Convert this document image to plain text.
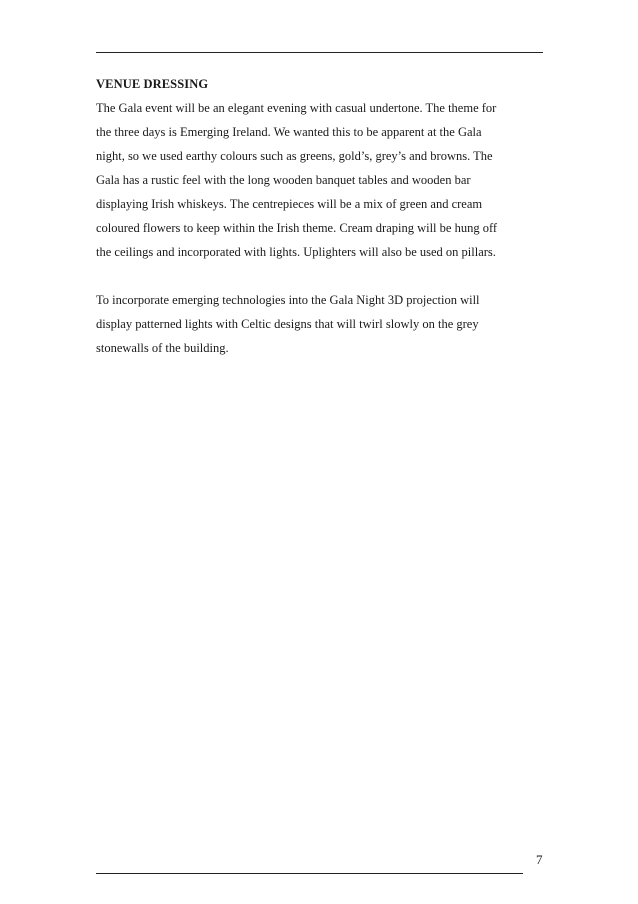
VENUE DRESSING

The Gala event will be an elegant evening with casual undertone. The theme for
the three days is Emerging Ireland. We wanted this to be apparent at the Gala
night, so we used earthy colours such as greens, gold’s, grey’s and browns. The
Gala has a rustic feel with the long wooden banquet tables and wooden bar
displaying Irish whiskeys. The centrepieces will be a mix of green and cream
coloured flowers to keep within the Irish theme. Cream draping will be hung off
the ceilings and incorporated with lights. Uplighters will also be used on pillars.

To incorporate emerging technologies into the Gala Night 3D projection will
display patterned lights with Celtic designs that will twirl slowly on the grey
stonewalls of the building.

7
